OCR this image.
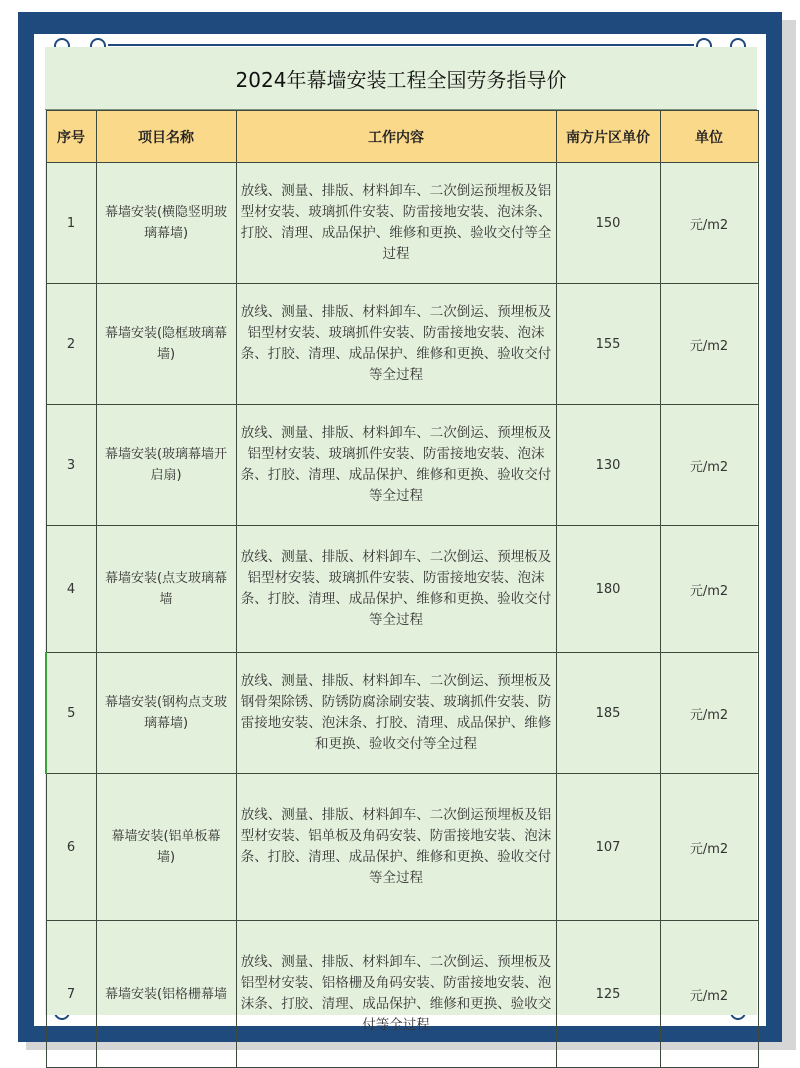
2024年幕墙安装工程全国劳务指导价
序号	项目名称	工作内容	南方片区单价	单位
1	幕墙安装(横隐竖明玻璃幕墙)	放线、测量、排版、材料卸车、二次倒运预埋板及铝型材安装、玻璃抓件安装、防雷接地安装、泡沫条、打胶、清理、成品保护、维修和更换、验收交付等全过程	150	元/m2
2	幕墙安装(隐框玻璃幕墙)	放线、测量、排版、材料卸车、二次倒运、预埋板及铝型材安装、玻璃抓件安装、防雷接地安装、泡沫条、打胶、清理、成品保护、维修和更换、验收交付等全过程	155	元/m2
3	幕墙安装(玻璃幕墙开启扇)	放线、测量、排版、材料卸车、二次倒运、预埋板及铝型材安装、玻璃抓件安装、防雷接地安装、泡沫条、打胶、清理、成品保护、维修和更换、验收交付等全过程	130	元/m2
4	幕墙安装(点支玻璃幕墙	放线、测量、排版、材料卸车、二次倒运、预埋板及铝型材安装、玻璃抓件安装、防雷接地安装、泡沫条、打胶、清理、成品保护、维修和更换、验收交付等全过程	180	元/m2
5	幕墙安装(钢构点支玻璃幕墙)	放线、测量、排版、材料卸车、二次倒运、预埋板及钢骨架除锈、防锈防腐涂刷安装、玻璃抓件安装、防雷接地安装、泡沫条、打胶、清理、成品保护、维修和更换、验收交付等全过程	185	元/m2
6	幕墙安装(铝单板幕墙)	放线、测量、排版、材料卸车、二次倒运预埋板及铝型材安装、铝单板及角码安装、防雷接地安装、泡沫条、打胶、清理、成品保护、维修和更换、验收交付等全过程	107	元/m2
7	幕墙安装(铝格栅幕墙	放线、测量、排版、材料卸车、二次倒运、预埋板及铝型材安装、铝格栅及角码安装、防雷接地安装、泡沫条、打胶、清理、成品保护、维修和更换、验收交付等全过程	125	元/m2
